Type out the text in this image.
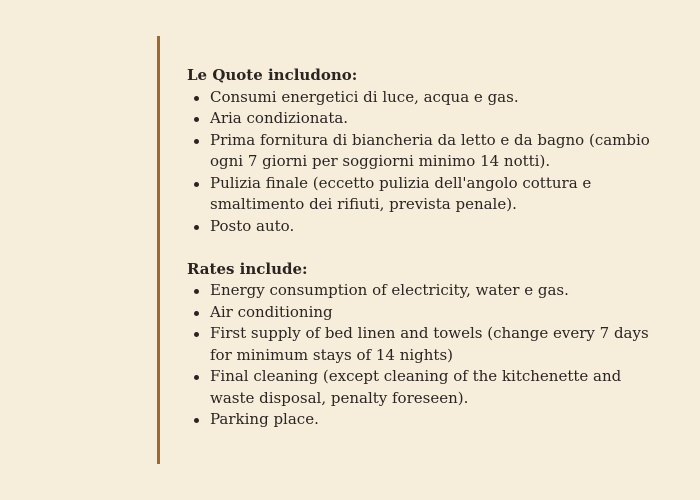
Le Quote includono:

Consumi energetici di luce, acqua e gas.
Aria condizionata.
Prima fornitura di biancheria da letto e da bagno (cambio ogni 7 giorni per soggiorni minimo 14 notti).
Pulizia finale (eccetto pulizia dell'angolo cottura e smaltimento dei rifiuti, prevista penale).
Posto auto.

Rates include:

Energy consumption of electricity, water e gas.
Air conditioning
First supply of bed linen and towels (change every 7 days for minimum stays of 14 nights)
Final cleaning (except cleaning of the kitchenette and waste disposal, penalty foreseen).
Parking place.
